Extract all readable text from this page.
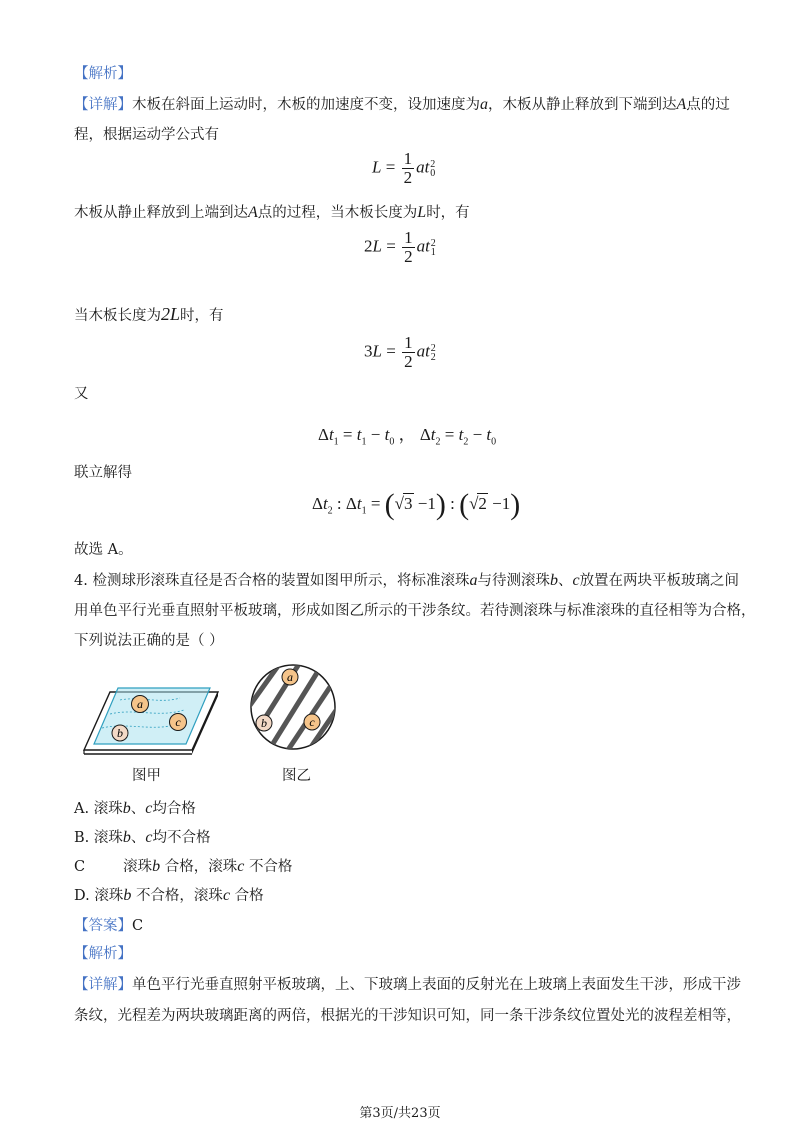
【解析】
【详解】木板在斜面上运动时，木板的加速度不变，设加速度为a，木板从静止释放到下端到达A点的过
程，根据运动学公式有
$L = \frac{1}{2}$ at 2
0
木板从静止释放到上端到达A点的过程，当木板长度为L时，有
$2L = \frac{1}{2}$ at 2
1
当木板长度为2L时，有
$3L = \frac{1}{2}$ at 2
2
又
$\Delta t_1 = t_1 - t_0$ ， $\Delta t_2 = t_2 - t_0$
联立解得
$\Delta t_2$ : $\Delta t_1 = (√3 -1)$ : (√2 −1)
故选 A。
4. 检测球形滚珠直径是否合格的装置如图甲所示，将标准滚珠a与待测滚珠b、c放置在两块平板玻璃之间
用单色平行光垂直照射平板玻璃，形成如图乙所示的干涉条纹。若待测滚珠与标准滚珠的直径相等为合格，
下列说法正确的是（ ）
a
c
b
图甲
a
b	c
图乙
A. 滚珠b、c均合格
B. 滚珠b、c均不合格
C	滚珠b 合格，滚珠c 不合格
D. 滚珠b 不合格，滚珠c 合格
【答案】C
【解析】
【详解】单色平行光垂直照射平板玻璃，上、下玻璃上表面的反射光在上玻璃上表面发生干涉，形成干涉
条纹，光程差为两块玻璃距离的两倍，根据光的干涉知识可知，同一条干涉条纹位置处光的波程差相等，
第3页/共23页
